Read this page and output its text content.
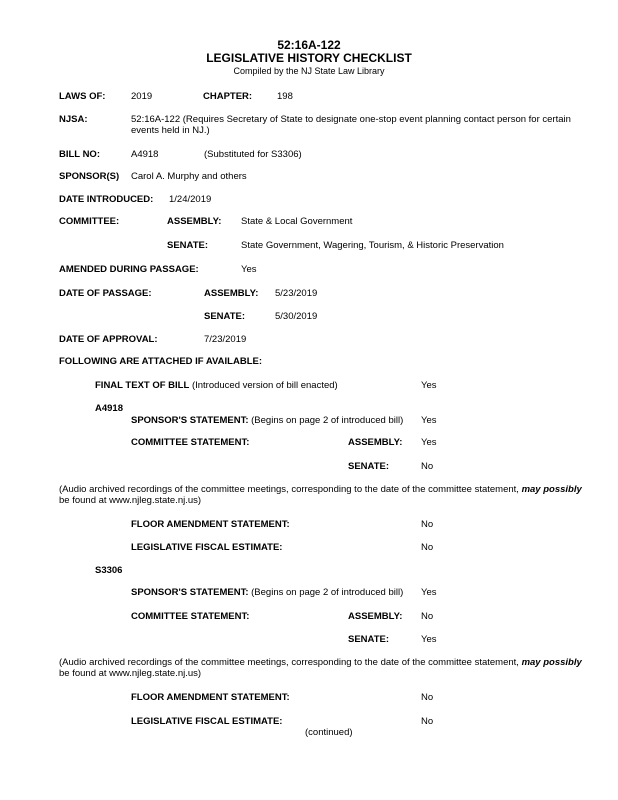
52:16A-122
LEGISLATIVE HISTORY CHECKLIST
Compiled by the NJ State Law Library
LAWS OF:	2019	CHAPTER:	198
NJSA:	52:16A-122 (Requires Secretary of State to designate one-stop event planning contact person for certain
events held in NJ.)
BILL NO:	A4918	(Substituted for S3306)
SPONSOR(S) Carol A. Murphy and others
DATE INTRODUCED: 1/24/2019
COMMITTEE:	ASSEMBLY: State & Local Government
SENATE:	State Government, Wagering, Tourism, & Historic Preservation
AMENDED DURING PASSAGE:	Yes
DATE OF PASSAGE:	ASSEMBLY: 5/23/2019
SENATE:	5/30/2019
DATE OF APPROVAL:	7/23/2019
FOLLOWING ARE ATTACHED IF AVAILABLE:
FINAL TEXT OF BILL (Introduced version of bill enacted)	Yes
A4918
SPONSOR'S STATEMENT: (Begins on page 2 of introduced bill) Yes
COMMITTEE STATEMENT:	ASSEMBLY: Yes
SENATE:	No
(Audio archived recordings of the committee meetings, corresponding to the date of the committee statement, may possibly
be found at www.njleg.state.nj.us)
FLOOR AMENDMENT STATEMENT:	No
LEGISLATIVE FISCAL ESTIMATE:	No
S3306
SPONSOR'S STATEMENT: (Begins on page 2 of introduced bill) Yes
COMMITTEE STATEMENT:	ASSEMBLY: No
SENATE:	Yes
(Audio archived recordings of the committee meetings, corresponding to the date of the committee statement, may possibly
be found at www.njleg.state.nj.us)
FLOOR AMENDMENT STATEMENT:	No
LEGISLATIVE FISCAL ESTIMATE:	No
(continued)
